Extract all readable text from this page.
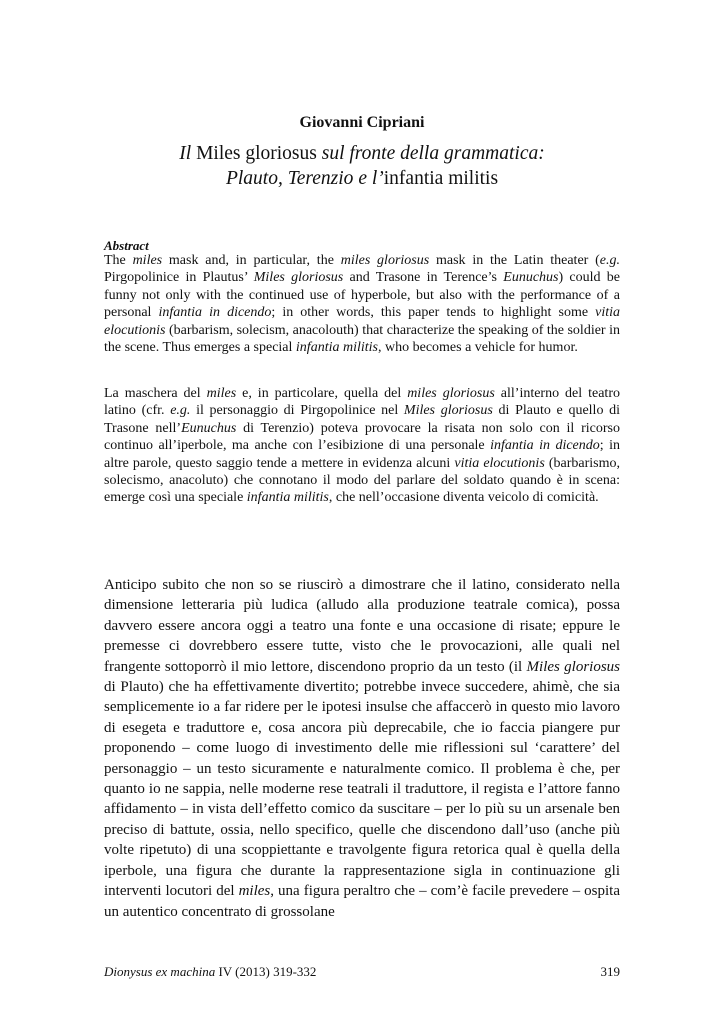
Giovanni Cipriani
Il Miles gloriosus sul fronte della grammatica:
Plauto, Terenzio e l’infantia militis
Abstract

The miles mask and, in particular, the miles gloriosus mask in the Latin theater (e.g. Pirgopolinice in Plautus’ Miles gloriosus and Trasone in Terence’s Eunuchus) could be funny not only with the continued use of hyperbole, but also with the performance of a personal infantia in dicendo; in other words, this paper tends to highlight some vitia elocutionis (barbarism, solecism, anacolouth) that characterize the speaking of the soldier in the scene. Thus emerges a special infantia militis, who becomes a vehicle for humor.

La maschera del miles e, in particolare, quella del miles gloriosus all’interno del teatro latino (cfr. e.g. il personaggio di Pirgopolinice nel Miles gloriosus di Plauto e quello di Trasone nell’Eunuchus di Terenzio) poteva provocare la risata non solo con il ricorso continuo all’iperbole, ma anche con l’esibizione di una personale infantia in dicendo; in altre parole, questo saggio tende a mettere in evidenza alcuni vitia elocutionis (barbarismo, solecismo, anacoluto) che connotano il modo del parlare del soldato quando è in scena: emerge così una speciale infantia militis, che nell’occasione diventa veicolo di comicità.

Anticipo subito che non so se riuscirò a dimostrare che il latino, considerato nella dimensione letteraria più ludica (alludo alla produzione teatrale comica), possa davvero essere ancora oggi a teatro una fonte e una occasione di risate; eppure le premesse ci dovrebbero essere tutte, visto che le provocazioni, alle quali nel frangente sottoporrò il mio lettore, discendono proprio da un testo (il Miles gloriosus di Plauto) che ha effettivamente divertito; potrebbe invece succedere, ahimè, che sia semplicemente io a far ridere per le ipotesi insulse che affaccerò in questo mio lavoro di esegeta e traduttore e, cosa ancora più deprecabile, che io faccia piangere pur proponendo – come luogo di investimento delle mie riflessioni sul ‘carattere’ del personaggio – un testo sicuramente e naturalmente comico. Il problema è che, per quanto io ne sappia, nelle moderne rese teatrali il traduttore, il regista e l’attore fanno affidamento – in vista dell’effetto comico da suscitare – per lo più su un arsenale ben preciso di battute, ossia, nello specifico, quelle che discendono dall’uso (anche più volte ripetuto) di una scoppiettante e travolgente figura retorica qual è quella della iperbole, una figura che durante la rappresentazione sigla in continuazione gli interventi locutori del miles, una figura peraltro che – com’è facile prevedere – ospita un autentico concentrato di grossolane

Dionysus ex machina IV (2013) 319-332	319
